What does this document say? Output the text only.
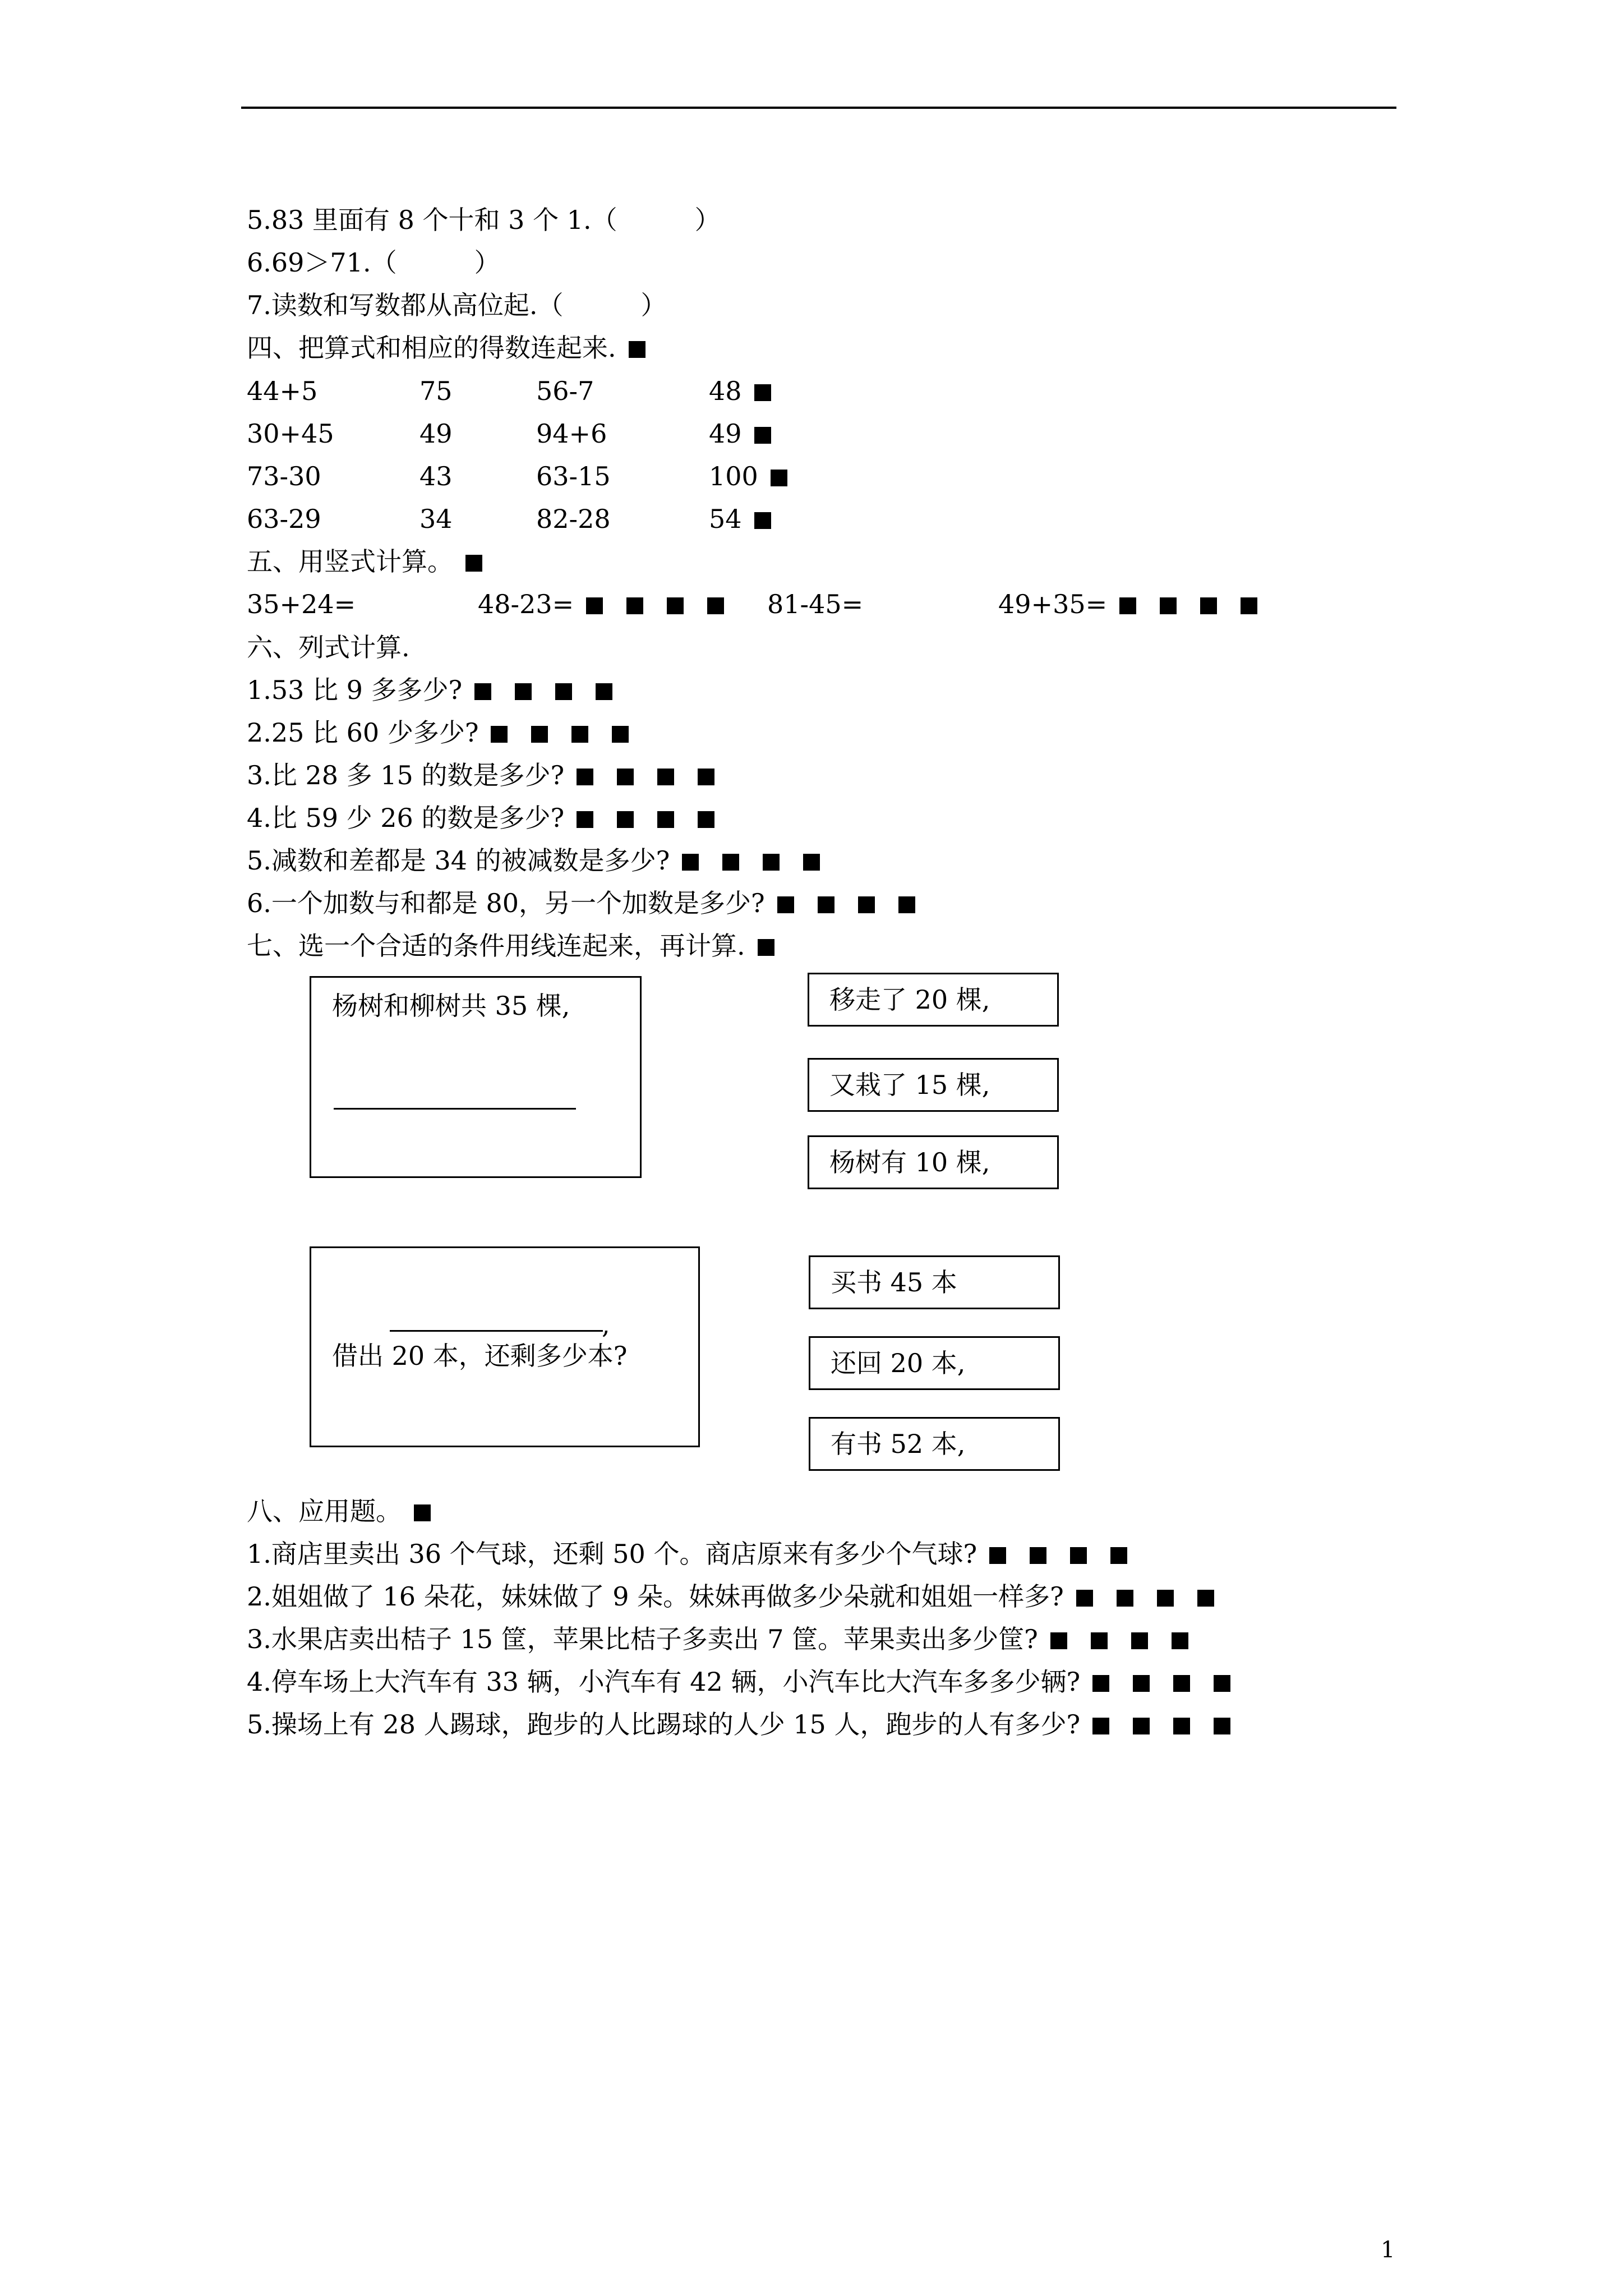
5.83 里面有 8 个十和 3 个 1.（　　　）
6.69＞71.（　　　）
7.读数和写数都从高位起.（　　　）
四、把算式和相应的得数连起来.
44+5	75	56-7	48
30+45	49	94+6	49
73-30	43	63-15	100
63-29	34	82-28	54
五、用竖式计算。
35+24=	48-23=	81-45=	49+35=
六、列式计算.
1.53 比 9 多多少?
2.25 比 60 少多少?
3.比 28 多 15 的数是多少?
4.比 59 少 26 的数是多少?
5.减数和差都是 34 的被减数是多少?
6.一个加数与和都是 80，另一个加数是多少?
七、选一个合适的条件用线连起来，再计算.
杨树和柳树共 35 棵,
,
借出 20 本，还剩多少本?
移走了 20 棵,
又栽了 15 棵,
杨树有 10 棵,
买书 45 本
还回 20 本,
有书 52 本,
八、应用题。
1.商店里卖出 36 个气球，还剩 50 个。商店原来有多少个气球?
2.姐姐做了 16 朵花，妹妹做了 9 朵。妹妹再做多少朵就和姐姐一样多?
3.水果店卖出桔子 15 筐，苹果比桔子多卖出 7 筐。苹果卖出多少筐?
4.停车场上大汽车有 33 辆，小汽车有 42 辆，小汽车比大汽车多多少辆?
5.操场上有 28 人踢球，跑步的人比踢球的人少 15 人，跑步的人有多少?
1
